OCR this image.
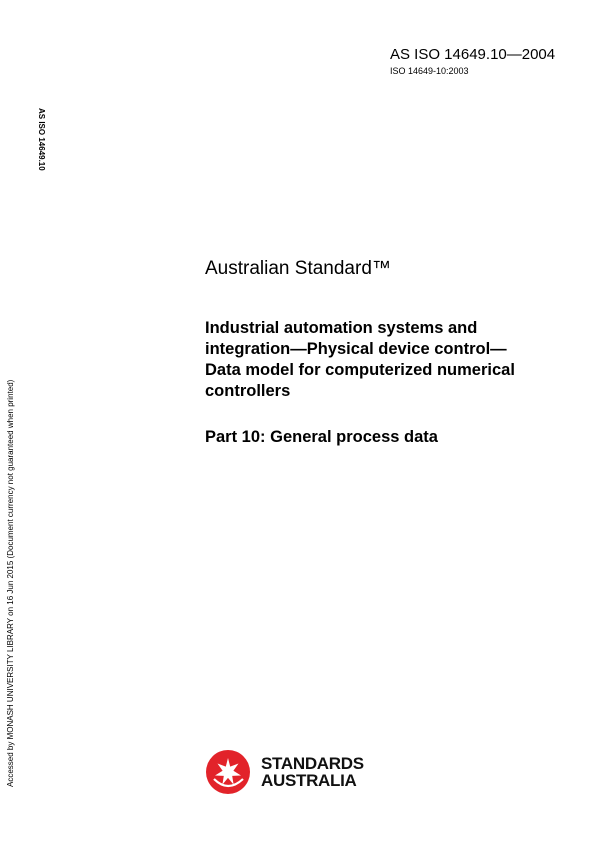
AS ISO 14649.10—2004
ISO 14649-10:2003
AS ISO 14649.10
Accessed by MONASH UNIVERSITY LIBRARY on 16 Jun 2015 (Document currency not guaranteed when printed)
Australian Standard™
Industrial automation systems and
integration—Physical device control—
Data model for computerized numerical
controllers
Part 10: General process data
STANDARDS
AUSTRALIA
